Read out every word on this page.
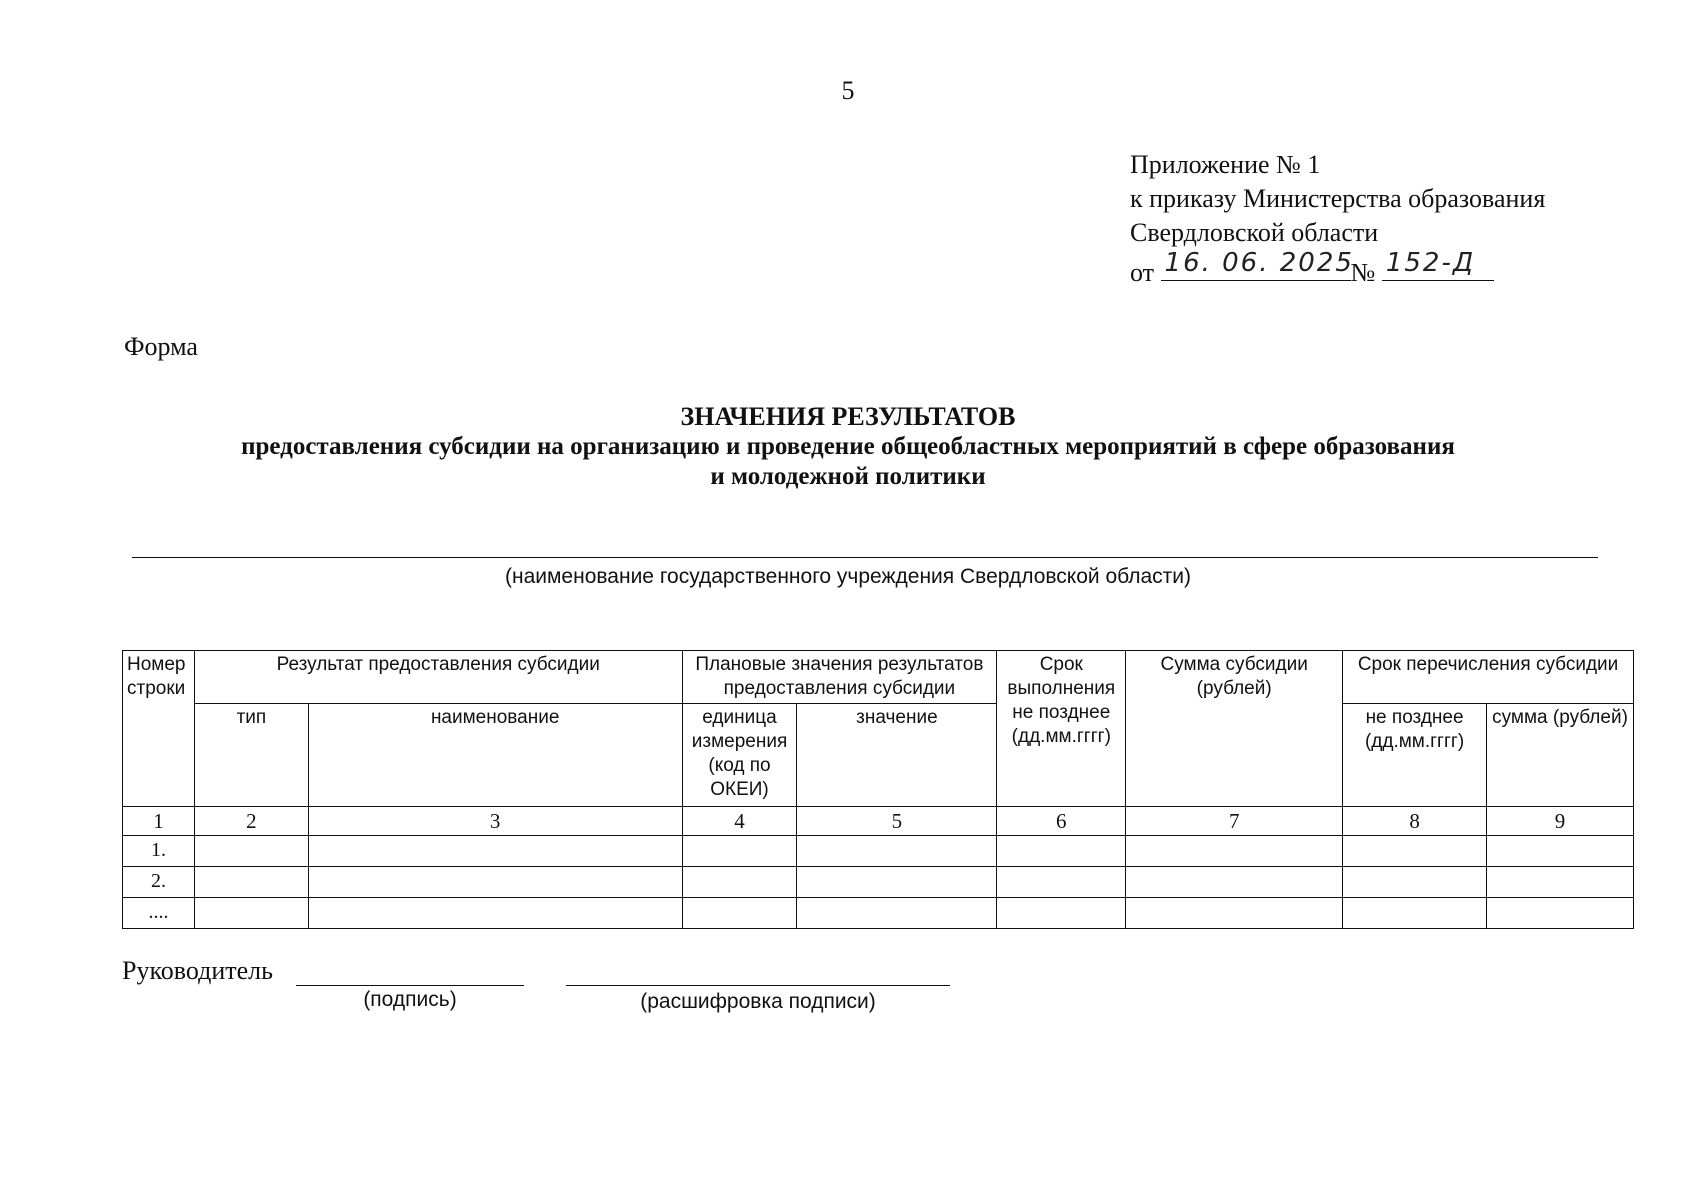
5
Приложение № 1
к приказу Министерства образования
Свердловской области
от 16. 06. 2025
№ 152-Д
Форма
ЗНАЧЕНИЯ РЕЗУЛЬТАТОВ
предоставления субсидии на организацию и проведение общеобластных мероприятий в сфере образования
и молодежной политики
(наименование государственного учреждения Свердловской области)
Номер строки	Результат предоставления субсидии		Плановые значения результатов предоставления субсидии		Срок выполнения не позднее (дд.мм.гггг)	Сумма субсидии (рублей)	Срок перечисления субсидии	
	тип	наименование	единица измерения (код по ОКЕИ)	значение			не позднее (дд.мм.гггг)	сумма (рублей)
1	2	3	4	5	6	7	8	9
1.								
2.								
....								
Руководитель
(подпись)	(расшифровка подписи)
